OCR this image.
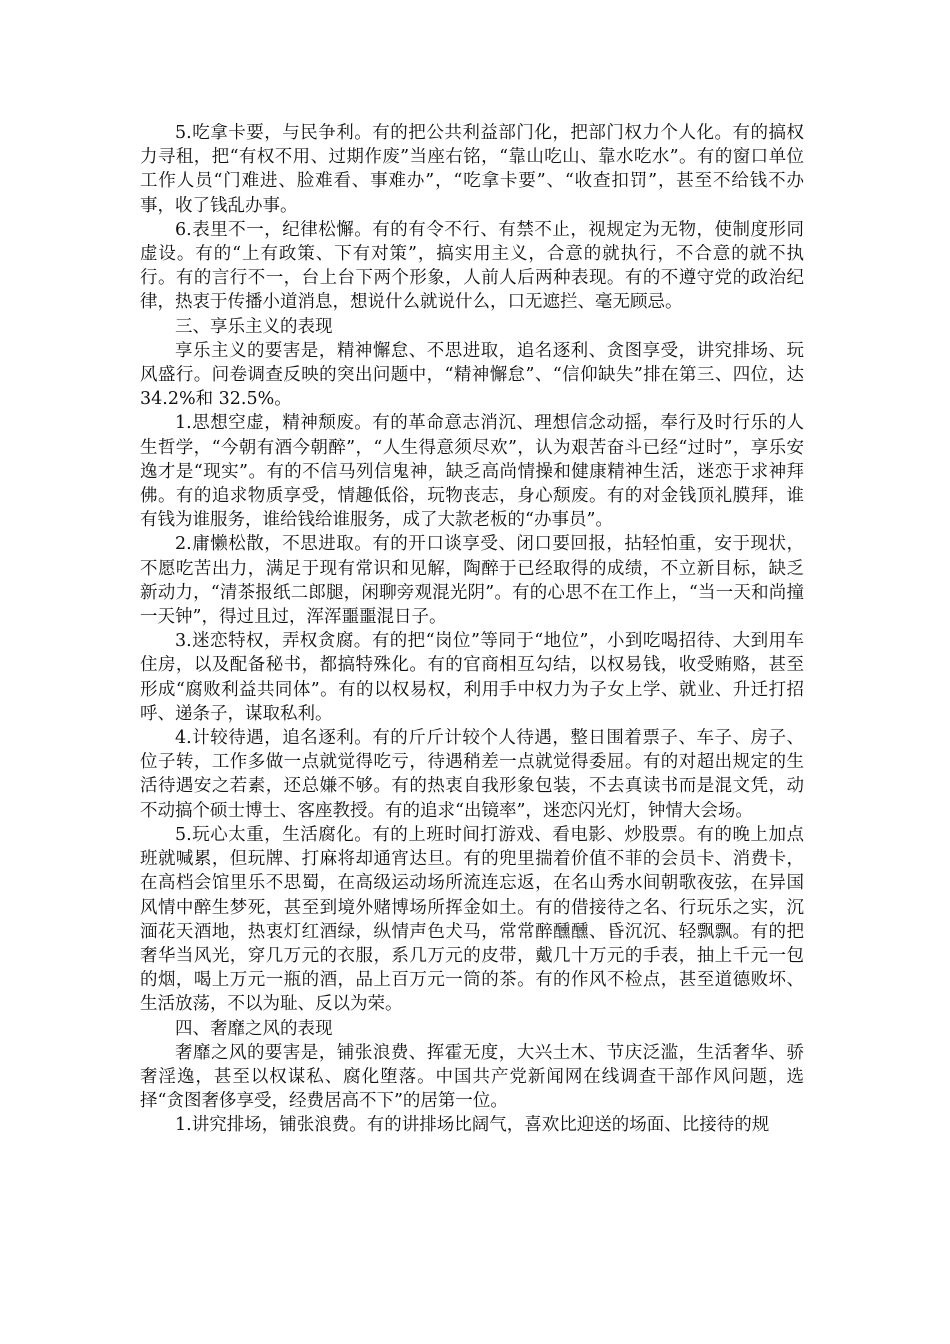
5.吃拿卡要，与民争利。有的把公共利益部门化，把部门权力个人化。有的搞权力寻租，把“有权不用、过期作废”当座右铭，“靠山吃山、靠水吃水”。有的窗口单位工作人员“门难进、脸难看、事难办”，“吃拿卡要”、“收查扣罚”，甚至不给钱不办事，收了钱乱办事。

6.表里不一，纪律松懈。有的有令不行、有禁不止，视规定为无物，使制度形同虚设。有的“上有政策、下有对策”，搞实用主义，合意的就执行，不合意的就不执行。有的言行不一，台上台下两个形象，人前人后两种表现。有的不遵守党的政治纪律，热衷于传播小道消息，想说什么就说什么，口无遮拦、毫无顾忌。

三、享乐主义的表现

享乐主义的要害是，精神懈怠、不思进取，追名逐利、贪图享受，讲究排场、玩风盛行。问卷调查反映的突出问题中，“精神懈怠”、“信仰缺失”排在第三、四位，达 34.2%和 32.5%。

1.思想空虚，精神颓废。有的革命意志消沉、理想信念动摇，奉行及时行乐的人生哲学，“今朝有酒今朝醉”，“人生得意须尽欢”，认为艰苦奋斗已经“过时”，享乐安逸才是“现实”。有的不信马列信鬼神，缺乏高尚情操和健康精神生活，迷恋于求神拜佛。有的追求物质享受，情趣低俗，玩物丧志，身心颓废。有的对金钱顶礼膜拜，谁有钱为谁服务，谁给钱给谁服务，成了大款老板的“办事员”。

2.庸懒松散，不思进取。有的开口谈享受、闭口要回报，拈轻怕重，安于现状，不愿吃苦出力，满足于现有常识和见解，陶醉于已经取得的成绩，不立新目标，缺乏新动力，“清茶报纸二郎腿，闲聊旁观混光阴”。有的心思不在工作上，“当一天和尚撞一天钟”，得过且过，浑浑噩噩混日子。

3.迷恋特权，弄权贪腐。有的把“岗位”等同于“地位”，小到吃喝招待、大到用车住房，以及配备秘书，都搞特殊化。有的官商相互勾结，以权易钱，收受贿赂，甚至形成“腐败利益共同体”。有的以权易权，利用手中权力为子女上学、就业、升迁打招呼、递条子，谋取私利。

4.计较待遇，追名逐利。有的斤斤计较个人待遇，整日围着票子、车子、房子、位子转，工作多做一点就觉得吃亏，待遇稍差一点就觉得委屈。有的对超出规定的生活待遇安之若素，还总嫌不够。有的热衷自我形象包装，不去真读书而是混文凭，动不动搞个硕士博士、客座教授。有的追求“出镜率”，迷恋闪光灯，钟情大会场。

5.玩心太重，生活腐化。有的上班时间打游戏、看电影、炒股票。有的晚上加点班就喊累，但玩牌、打麻将却通宵达旦。有的兜里揣着价值不菲的会员卡、消费卡，在高档会馆里乐不思蜀，在高级运动场所流连忘返，在名山秀水间朝歌夜弦，在异国风情中醉生梦死，甚至到境外赌博场所挥金如土。有的借接待之名、行玩乐之实，沉湎花天酒地，热衷灯红酒绿，纵情声色犬马，常常醉醺醺、昏沉沉、轻飘飘。有的把奢华当风光，穿几万元的衣服，系几万元的皮带，戴几十万元的手表，抽上千元一包的烟，喝上万元一瓶的酒，品上百万元一筒的茶。有的作风不检点，甚至道德败坏、生活放荡，不以为耻、反以为荣。

四、奢靡之风的表现

奢靡之风的要害是，铺张浪费、挥霍无度，大兴土木、节庆泛滥，生活奢华、骄奢淫逸，甚至以权谋私、腐化堕落。中国共产党新闻网在线调查干部作风问题，选择“贪图奢侈享受，经费居高不下”的居第一位。

1.讲究排场，铺张浪费。有的讲排场比阔气，喜欢比迎送的场面、比接待的规
